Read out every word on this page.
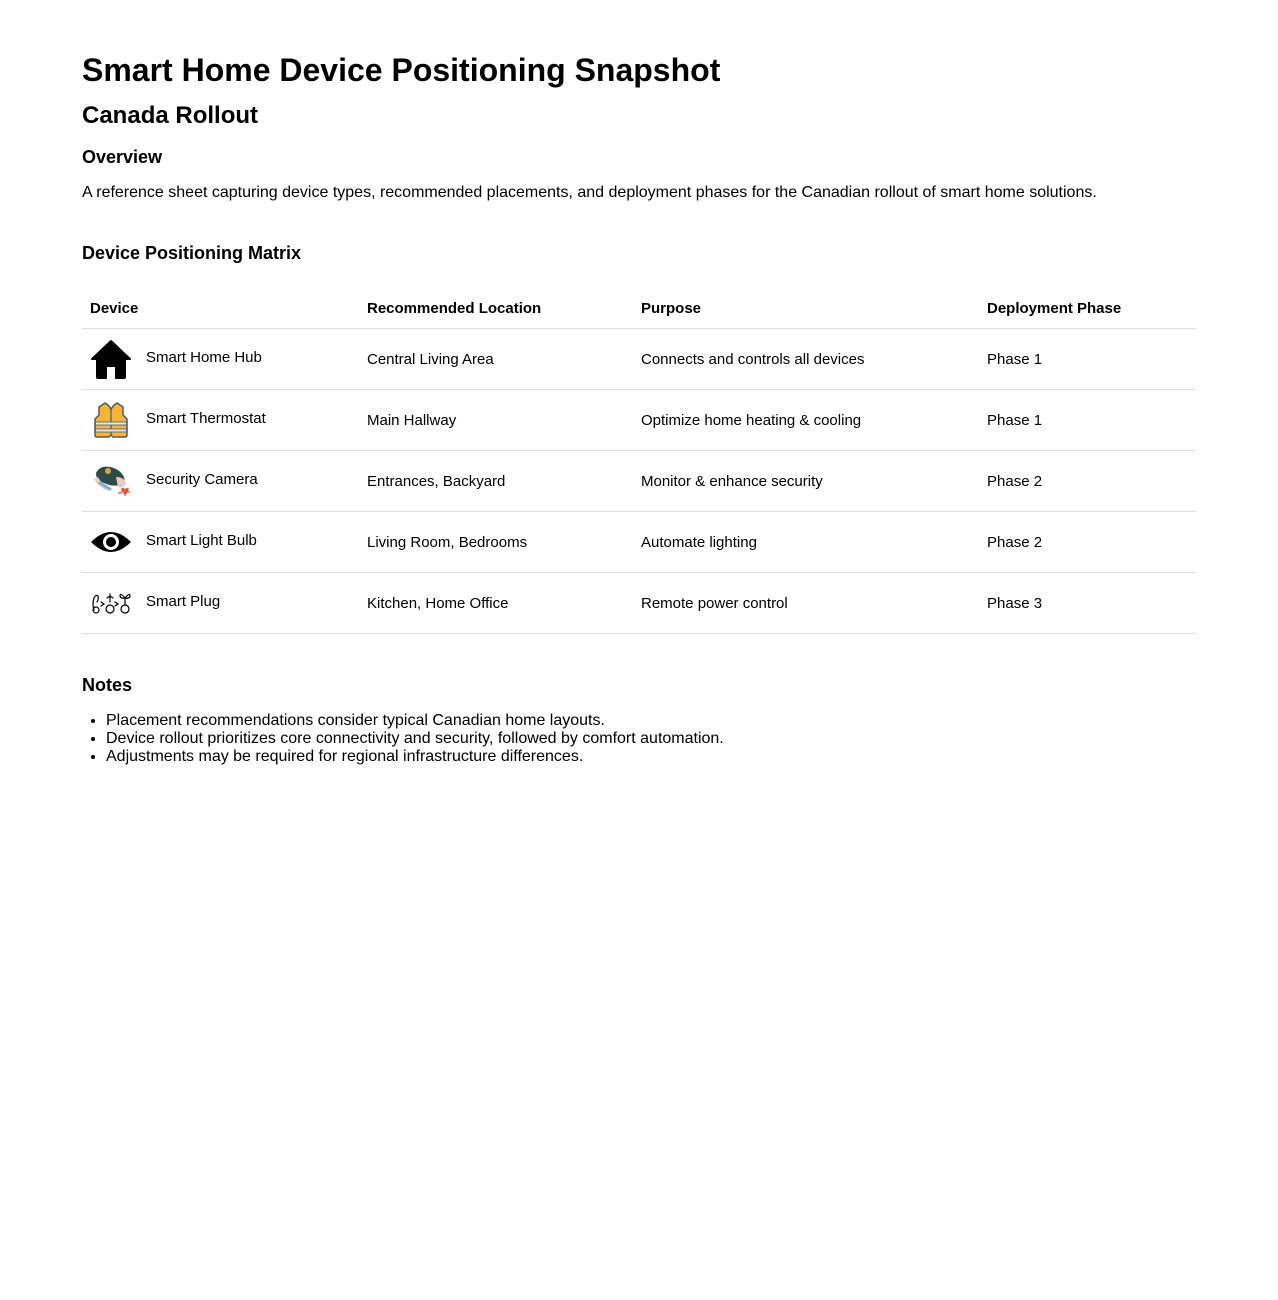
Smart Home Device Positioning Snapshot
Canada Rollout
Overview

A reference sheet capturing device types, recommended placements, and deployment phases for the Canadian rollout of smart home solutions.

Device Positioning Matrix
Device	Recommended Location	Purpose	Deployment Phase

Smart Home Hub	Central Living Area	Connects and controls all devices	Phase 1

Smart Thermostat	Main Hallway	Optimize home heating & cooling	Phase 1

Security Camera	Entrances, Backyard	Monitor & enhance security	Phase 2

Smart Light Bulb	Living Room, Bedrooms	Automate lighting	Phase 2

Smart Plug	Kitchen, Home Office	Remote power control	Phase 3
Notes
• Placement recommendations consider typical Canadian home layouts.
• Device rollout prioritizes core connectivity and security, followed by comfort automation.
• Adjustments may be required for regional infrastructure differences.
